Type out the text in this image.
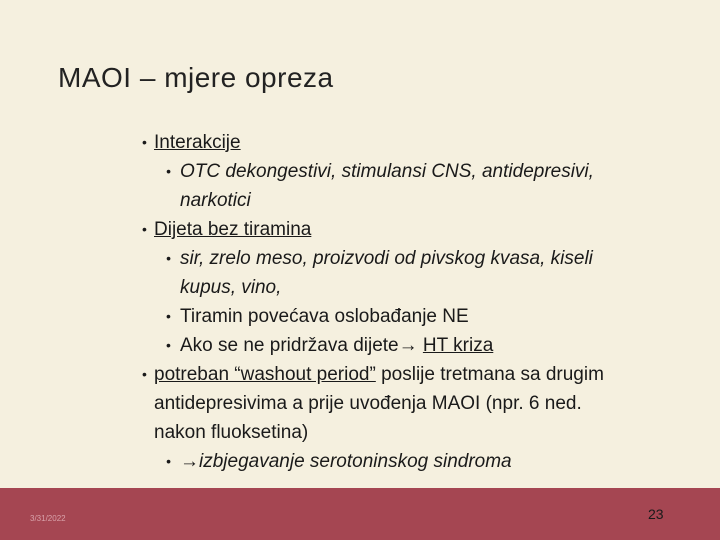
MAOI – mjere opreza
• Interakcije
• OTC dekongestivi, stimulansi CNS, antidepresivi,
narkotici
• Dijeta bez tiramina
• sir, zrelo meso, proizvodi od pivskog kvasa, kiseli
kupus, vino,
• Tiramin povećava oslobađanje NE
• Ako se ne pridržava dijete→ HT kriza
• potreban “washout period” poslije tretmana sa drugim
antidepresivima a prije uvođenja MAOI (npr. 6 ned.
nakon fluoksetina)
• →izbjegavanje serotoninskog sindroma
3/31/2022	23
